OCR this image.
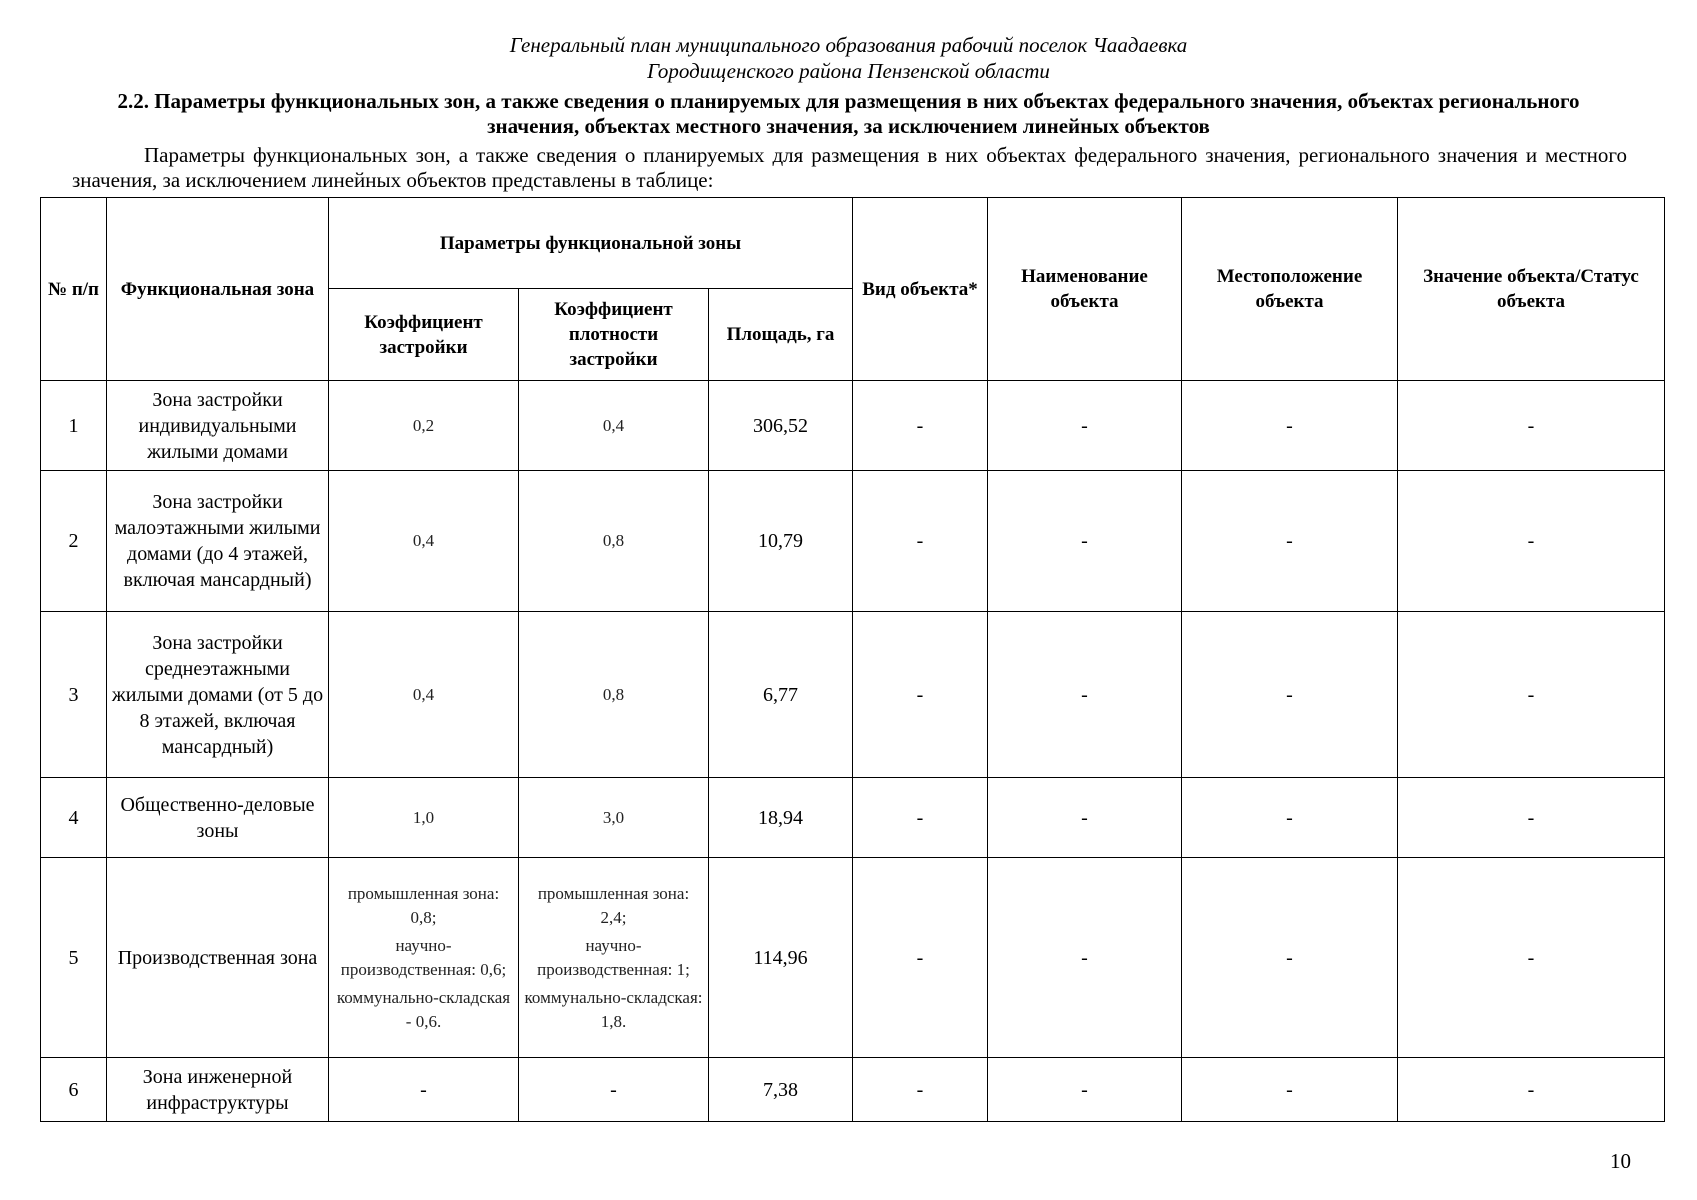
Генеральный план муниципального образования рабочий поселок Чаадаевка
Городищенского района Пензенской области
2.2. Параметры функциональных зон, а также сведения о планируемых для размещения в них объектах федерального значения, объектах регионального значения, объектах местного значения, за исключением линейных объектов
Параметры функциональных зон, а также сведения о планируемых для размещения в них объектах федерального значения, регионального значения и местного значения, за исключением линейных объектов представлены в таблице:
№ п/п	Функциональная зона	Параметры функциональной зоны			Вид объекта*	Наименование объекта	Местоположение объекта	Значение объекта/Статус объекта
		Коэффициент застройки	Коэффициент плотности застройки	Площадь, га				
1	Зона застройки индивидуальными жилыми домами	0,2	0,4	306,52	-	-	-	-
2	Зона застройки малоэтажными жилыми домами (до 4 этажей, включая мансардный)	0,4	0,8	10,79	-	-	-	-
3	Зона застройки среднеэтажными жилыми домами (от 5 до 8 этажей, включая мансардный)	0,4	0,8	6,77	-	-	-	-
4	Общественно-деловые зоны	1,0	3,0	18,94	-	-	-	-
5	Производственная зона	промышленная зона: 0,8;
научно-производственная: 0,6;
коммунально-складская - 0,6.	промышленная зона: 2,4;
научно-производственная: 1;
коммунально-складская: 1,8.	114,96	-	-	-	-
6	Зона инженерной инфраструктуры	-	-	7,38	-	-	-	-
10
